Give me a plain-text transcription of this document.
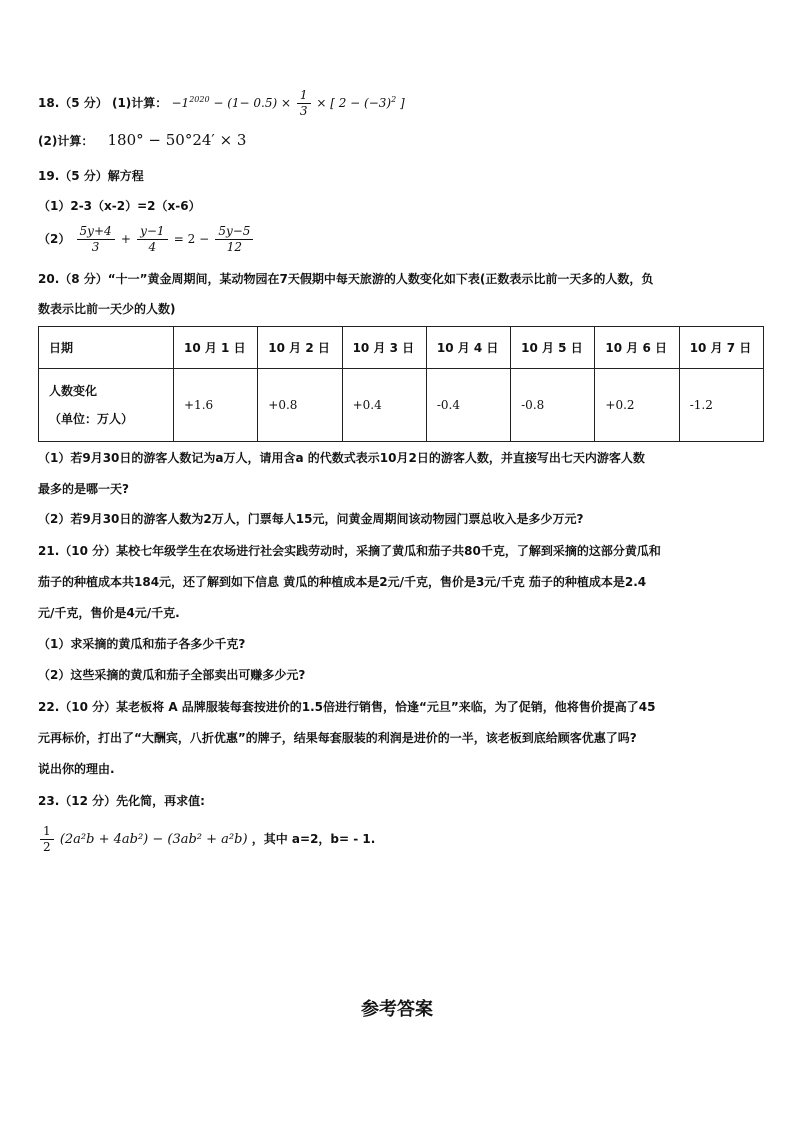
18.（5 分） (1)计算： $-1^{2020} - (1- 0.5) \times \frac{1}{3}$ × [ $2 - (-3)^2$ ]
(2)计算： 180° − 50°24′ × 3
19.（5 分）解方程
（1）2-3（x-2）=2（x-6）
$(2) \frac{5y+4}{3} + \frac{y-1}{4} = 2 - \frac{5y-5}{12}$
20.（8 分）“十一”黄金周期间，某动物园在7天假期中每天旅游的人数变化如下表(正数表示比前一天多的人数，负
数表示比前一天少的人数)
日期	10 月 1 日	10 月 2 日	10 月 3 日	10 月 4 日	10 月 5 日	10 月 6 日	10 月 7 日

人数变化
（单位：万人）	+1.6	+0.8	+0.4	-0.4	-0.8	+0.2	-1.2
（1）若9月30日的游客人数记为a万人，请用含a 的代数式表示10月2日的游客人数，并直接写出七天内游客人数
最多的是哪一天?
（2）若9月30日的游客人数为2万人，门票每人15元，问黄金周期间该动物园门票总收入是多少万元?
21.（10 分）某校七年级学生在农场进行社会实践劳动时，采摘了黄瓜和茄子共80千克，了解到采摘的这部分黄瓜和
茄子的种植成本共184元，还了解到如下信息 黄瓜的种植成本是2元/千克，售价是3元/千克 茄子的种植成本是2.4
元/千克，售价是4元/千克.
（1）求采摘的黄瓜和茄子各多少千克?
（2）这些采摘的黄瓜和茄子全部卖出可赚多少元?
22.（10 分）某老板将 A 品牌服装每套按进价的1.5倍进行销售，恰逢“元旦”来临，为了促销，他将售价提高了45
元再标价，打出了“大酬宾，八折优惠”的牌子，结果每套服装的利润是进价的一半，该老板到底给顾客优惠了吗?
说出你的理由.
23.（12 分）先化简，再求值:
$\frac{1}{2} (2a^2b + 4ab^2) - (3ab^2 + a^2b)$ ，其中 a=2，b= - 1.
参考答案
